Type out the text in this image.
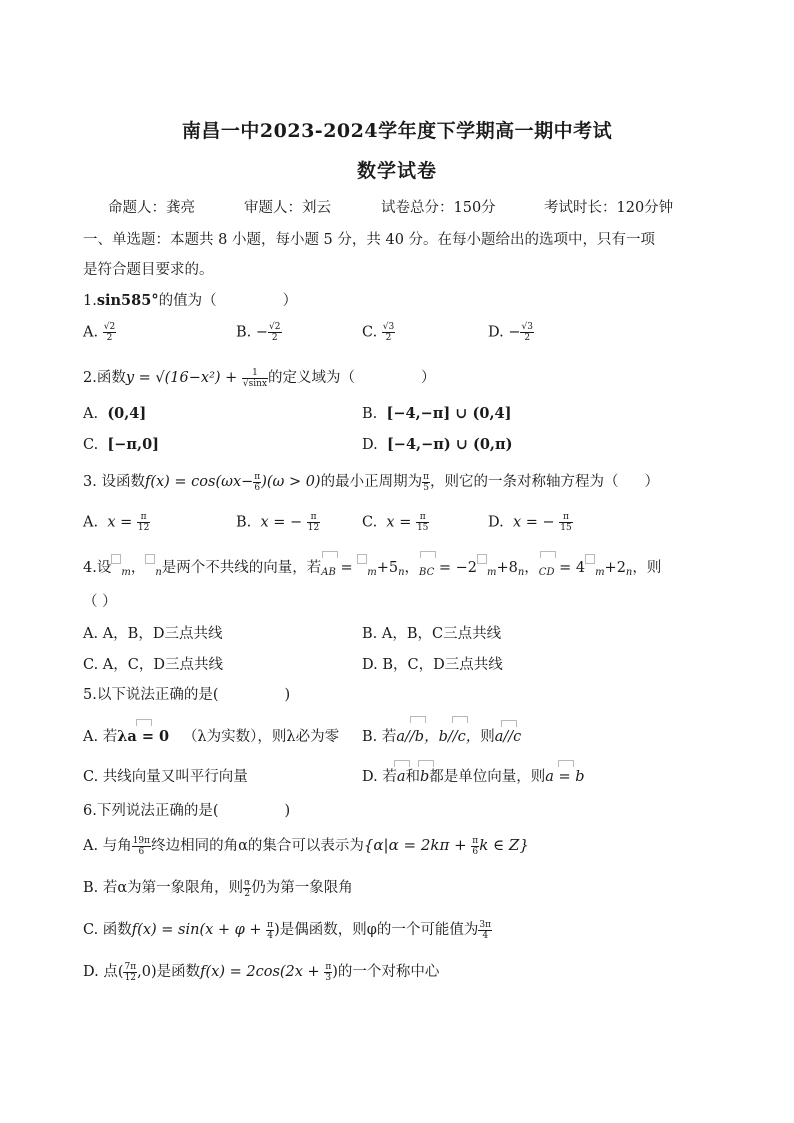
南昌一中2023-2024学年度下学期高一期中考试
数学试卷
命题人：龚亮	审题人：刘云	试卷总分：150分	考试时长：120分钟
一、单选题：本题共 8 小题，每小题 5 分，共 40 分。在每小题给出的选项中，只有一项
是符合题目要求的。
1.sin585°的值为（	）
A. $\frac{√2}{2}$	B. − $\frac{√2}{2}$	C. $\frac{√3}{2}$	D. − $\frac{√3}{2}$
2.函数$y = √(16-x^2) + \frac{1}{√\sin x}$ 的定义域为（	）
A. (0,4]	B. [−4,−π] ∪ (0,4]
C. [−π,0]	D. [−4,−π) ∪ (0,π)
3. 设函数$f(x) = \cos(\omega x- \frac{\pi}{6} )(\omega > 0)$的最小正周期为 $\frac{\pi}{5}$ ，则它的一条对称轴方程为（ ）
A. $x = \frac{\pi}{12}$	B. x = − $\frac{\pi}{12}$	C. $x = \frac{\pi}{15}$	D. x = − $\frac{\pi}{15}$
4.设 $_m$， $_n$是两个不共线的向量，若
$_{AB} = _m+5_n$，
$_{BC}$ = −2 $_m+8_n$，
$_{CD}$ = 4 $_m+2_n$，则
（ ）
A. A，B，D三点共线	B. A，B，C三点共线
C. A，C，D三点共线	D. B，C，D三点共线
5.以下说法正确的是(	)
A. 若
λa = 0 （λ为实数），则λ必为零 B. 若
a//b，
b//c，则
a//c
C. 共线向量又叫平行向量	D. 若
a和
b都是单位向量，则
a = b
6.下列说法正确的是(	)
A. 与角 $\frac{19\pi}{6}$ 终边相同的角α的集合可以表示为{$\alpha|\alpha = 2k\pi + \frac{\pi}{6}$ k ∈ Z}
B. 若α为第一象限角，则 $\frac{\alpha}{2}$ 仍为第一象限角
C. 函数$f(x) = \sin(x + \varphi + \frac{\pi}{4}$ )是偶函数，则φ的一个可能值为 $\frac{3\pi}{4}$
D. 点( $\frac{7\pi}{12} ,0$)是函数$f(x) = 2\cos(2x + \frac{\pi}{3}$ )的一个对称中心
